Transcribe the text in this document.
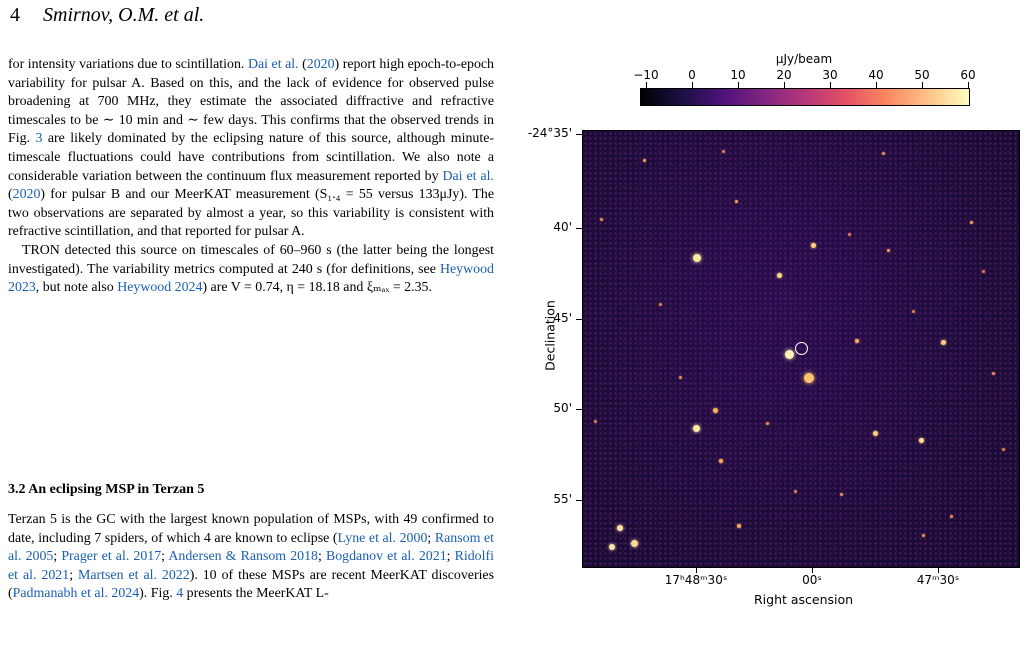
4 Smirnov, O.M. et al.

for intensity variations due to scintillation. Dai et al. (2020) report high epoch-to-epoch variability for pulsar A. Based on this, and the lack of evidence for observed pulse broadening at 700 MHz, they estimate the associated diffractive and refractive timescales to be ∼ 10 min and ∼ few days. This confirms that the observed trends in Fig. 3 are likely dominated by the eclipsing nature of this source, although minute-timescale fluctuations could have contributions from scintillation. We also note a considerable variation between the continuum flux measurement reported by Dai et al. (2020) for pulsar B and our MeerKAT measurement (S₁.₄ = 55 versus 133μJy). The two observations are separated by almost a year, so this variability is consistent with refractive scintillation, and that reported for pulsar A.

TRON detected this source on timescales of 60–960 s (the latter being the longest investigated). The variability metrics computed at 240 s (for definitions, see Heywood 2023, but note also Heywood 2024) are V = 0.74, η = 18.18 and ξₘₐₓ = 2.35.

3.2 An eclipsing MSP in Terzan 5

Terzan 5 is the GC with the largest known population of MSPs, with 49 confirmed to date, including 7 spiders, of which 4 are known to eclipse (Lyne et al. 2000; Ransom et al. 2005; Prager et al. 2017; Andersen & Ransom 2018; Bogdanov et al. 2021; Ridolfi et al. 2021; Martsen et al. 2022). 10 of these MSPs are recent MeerKAT discoveries (Padmanabh et al. 2024). Fig. 4 presents the MeerKAT L-

μJy/beam
−10 0	10	20	30	40	50	60
-24°35'
40'
45'
50'
55'
17ʰ48ᵐ30ˢ	00ˢ	47ᵐ30ˢ
Declination
Right ascension
